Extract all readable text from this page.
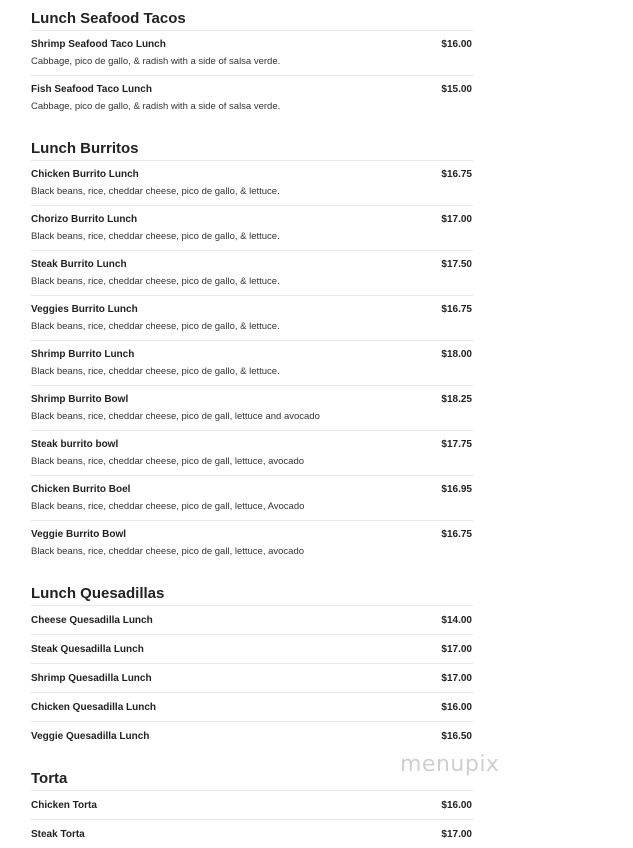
Lunch Seafood Tacos
Shrimp Seafood Taco Lunch	$16.00
Cabbage, pico de gallo, & radish with a side of salsa verde.
Fish Seafood Taco Lunch	$15.00
Cabbage, pico de gallo, & radish with a side of salsa verde.
Lunch Burritos
Chicken Burrito Lunch	$16.75
Black beans, rice, cheddar cheese, pico de gallo, & lettuce.
Chorizo Burrito Lunch	$17.00
Black beans, rice, cheddar cheese, pico de gallo, & lettuce.
Steak Burrito Lunch	$17.50
Black beans, rice, cheddar cheese, pico de gallo, & lettuce.
Veggies Burrito Lunch	$16.75
Black beans, rice, cheddar cheese, pico de gallo, & lettuce.
Shrimp Burrito Lunch	$18.00
Black beans, rice, cheddar cheese, pico de gallo, & lettuce.
Shrimp Burrito Bowl	$18.25
Black beans, rice, cheddar cheese, pico de gall, lettuce and avocado
Steak burrito bowl	$17.75
Black beans, rice, cheddar cheese, pico de gall, lettuce, avocado
Chicken Burrito Boel	$16.95
Black beans, rice, cheddar cheese, pico de gall, lettuce, Avocado
Veggie Burrito Bowl	$16.75
Black beans, rice, cheddar cheese, pico de gall, lettuce, avocado
Lunch Quesadillas
Cheese Quesadilla Lunch	$14.00
Steak Quesadilla Lunch	$17.00
Shrimp Quesadilla Lunch	$17.00
Chicken Quesadilla Lunch	$16.00
Veggie Quesadilla Lunch	$16.50
Torta
Chicken Torta	$16.00
Steak Torta	$17.00
menupix
